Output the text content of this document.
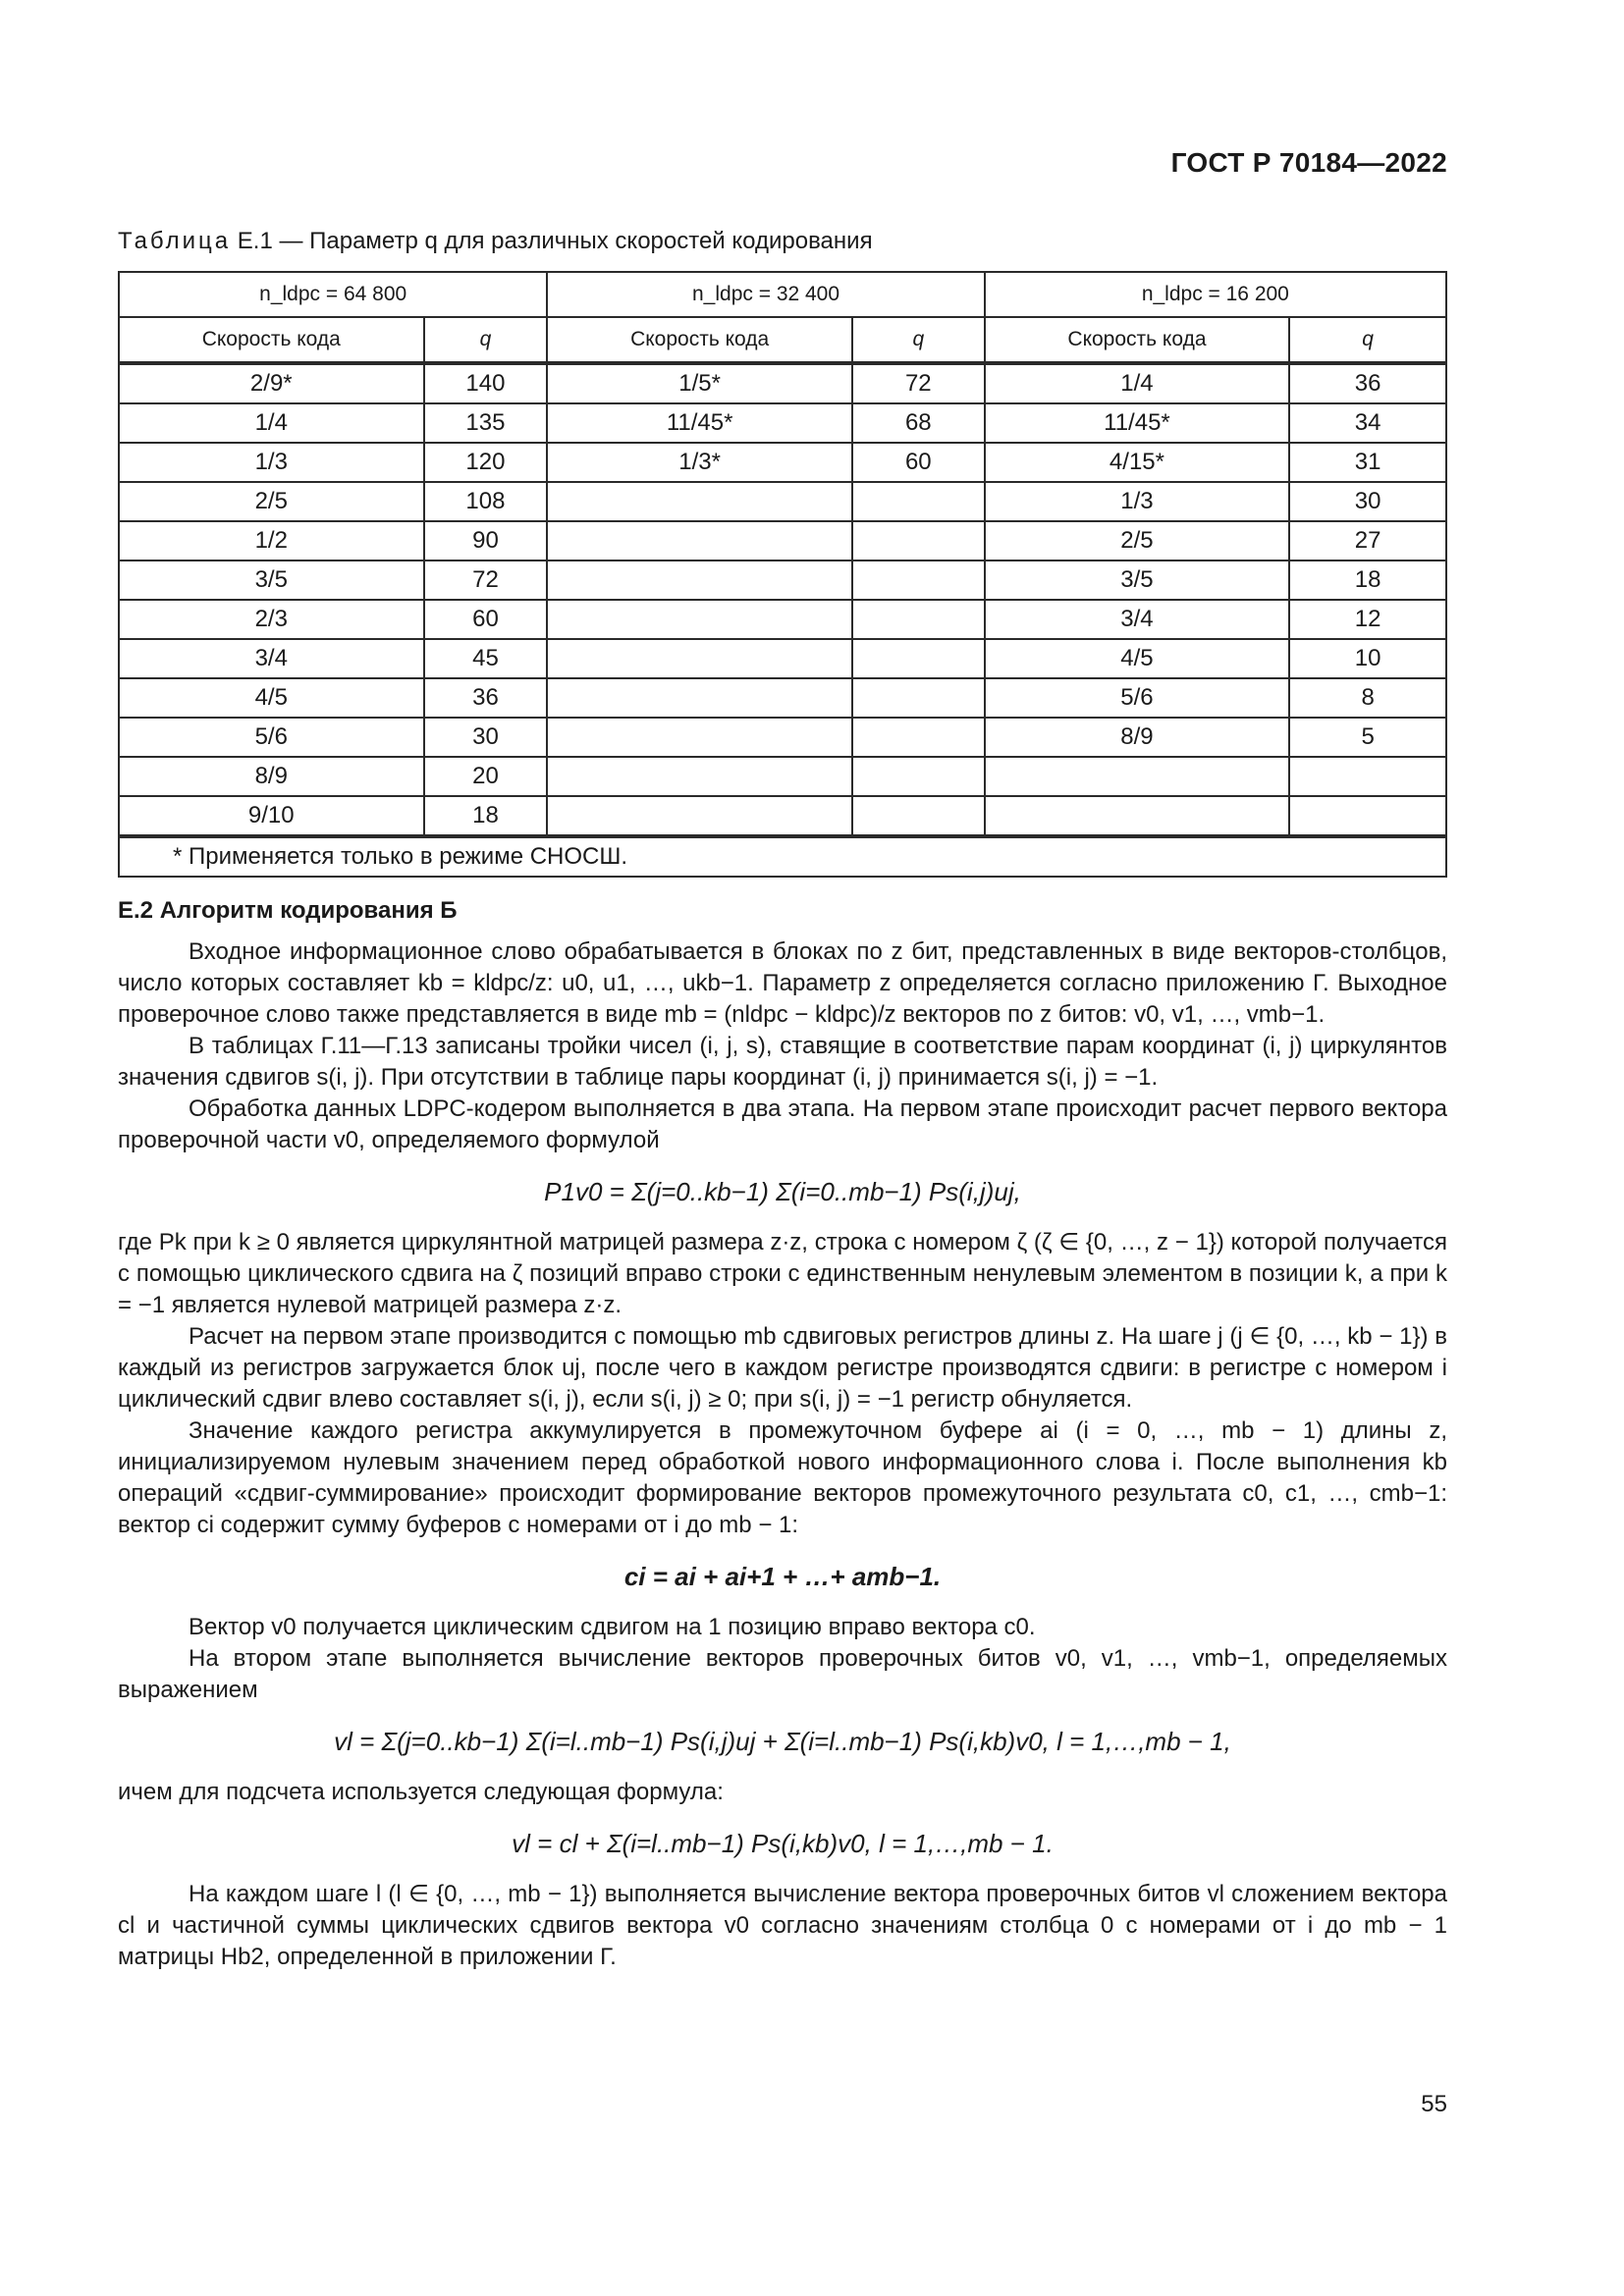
ГОСТ Р 70184—2022
Таблица Е.1 — Параметр q для различных скоростей кодирования
n_ldpc = 64 800		n_ldpc = 32 400		n_ldpc = 16 200	
Скорость кода	q	Скорость кода	q	Скорость кода	q
2/9*	140	1/5*	72	1/4	36
1/4	135	11/45*	68	11/45*	34
1/3	120	1/3*	60	4/15*	31
2/5	108			1/3	30
1/2	90			2/5	27
3/5	72			3/5	18
2/3	60			3/4	12
3/4	45			4/5	10
4/5	36			5/6	8
5/6	30			8/9	5
8/9	20				
9/10	18				
* Применяется только в режиме СНОСШ.					
Е.2 Алгоритм кодирования Б

Входное информационное слово обрабатывается в блоках по z бит, представленных в виде векторов-столбцов, число которых составляет kb = kldpc/z: u0, u1, …, ukb−1. Параметр z определяется согласно приложению Г. Выходное проверочное слово также представляется в виде mb = (nldpc − kldpc)/z векторов по z битов: v0, v1, …, vmb−1.

В таблицах Г.11—Г.13 записаны тройки чисел (i, j, s), ставящие в соответствие парам координат (i, j) циркулянтов значения сдвигов s(i, j). При отсутствии в таблице пары координат (i, j) принимается s(i, j) = −1.

Обработка данных LDPC-кодером выполняется в два этапа. На первом этапе происходит расчет первого вектора проверочной части v0, определяемого формулой

P1v0 = Σ(j=0..kb−1) Σ(i=0..mb−1) Ps(i,j)uj,

где Pk при k ≥ 0 является циркулянтной матрицей размера z·z, строка с номером ζ (ζ ∈ {0, …, z − 1}) которой получается с помощью циклического сдвига на ζ позиций вправо строки с единственным ненулевым элементом в позиции k, а при k = −1 является нулевой матрицей размера z·z.

Расчет на первом этапе производится с помощью mb сдвиговых регистров длины z. На шаге j (j ∈ {0, …, kb − 1}) в каждый из регистров загружается блок uj, после чего в каждом регистре производятся сдвиги: в регистре с номером i циклический сдвиг влево составляет s(i, j), если s(i, j) ≥ 0; при s(i, j) = −1 регистр обнуляется.

Значение каждого регистра аккумулируется в промежуточном буфере ai (i = 0, …, mb − 1) длины z, инициализируемом нулевым значением перед обработкой нового информационного слова i. После выполнения kb операций «сдвиг-суммирование» происходит формирование векторов промежуточного результата c0, c1, …, cmb−1: вектор ci содержит сумму буферов с номерами от i до mb − 1:

ci = ai + ai+1 + …+ amb−1.

Вектор v0 получается циклическим сдвигом на 1 позицию вправо вектора c0.

На втором этапе выполняется вычисление векторов проверочных битов v0, v1, …, vmb−1, определяемых выражением

vl = Σ(j=0..kb−1) Σ(i=l..mb−1) Ps(i,j)uj + Σ(i=l..mb−1) Ps(i,kb)v0, l = 1,…,mb − 1,

ичем для подсчета используется следующая формула:

vl = cl + Σ(i=l..mb−1) Ps(i,kb)v0, l = 1,…,mb − 1.

На каждом шаге l (l ∈ {0, …, mb − 1}) выполняется вычисление вектора проверочных битов vl сложением вектора cl и частичной суммы циклических сдвигов вектора v0 согласно значениям столбца 0 с номерами от i до mb − 1 матрицы Hb2, определенной в приложении Г.

55
